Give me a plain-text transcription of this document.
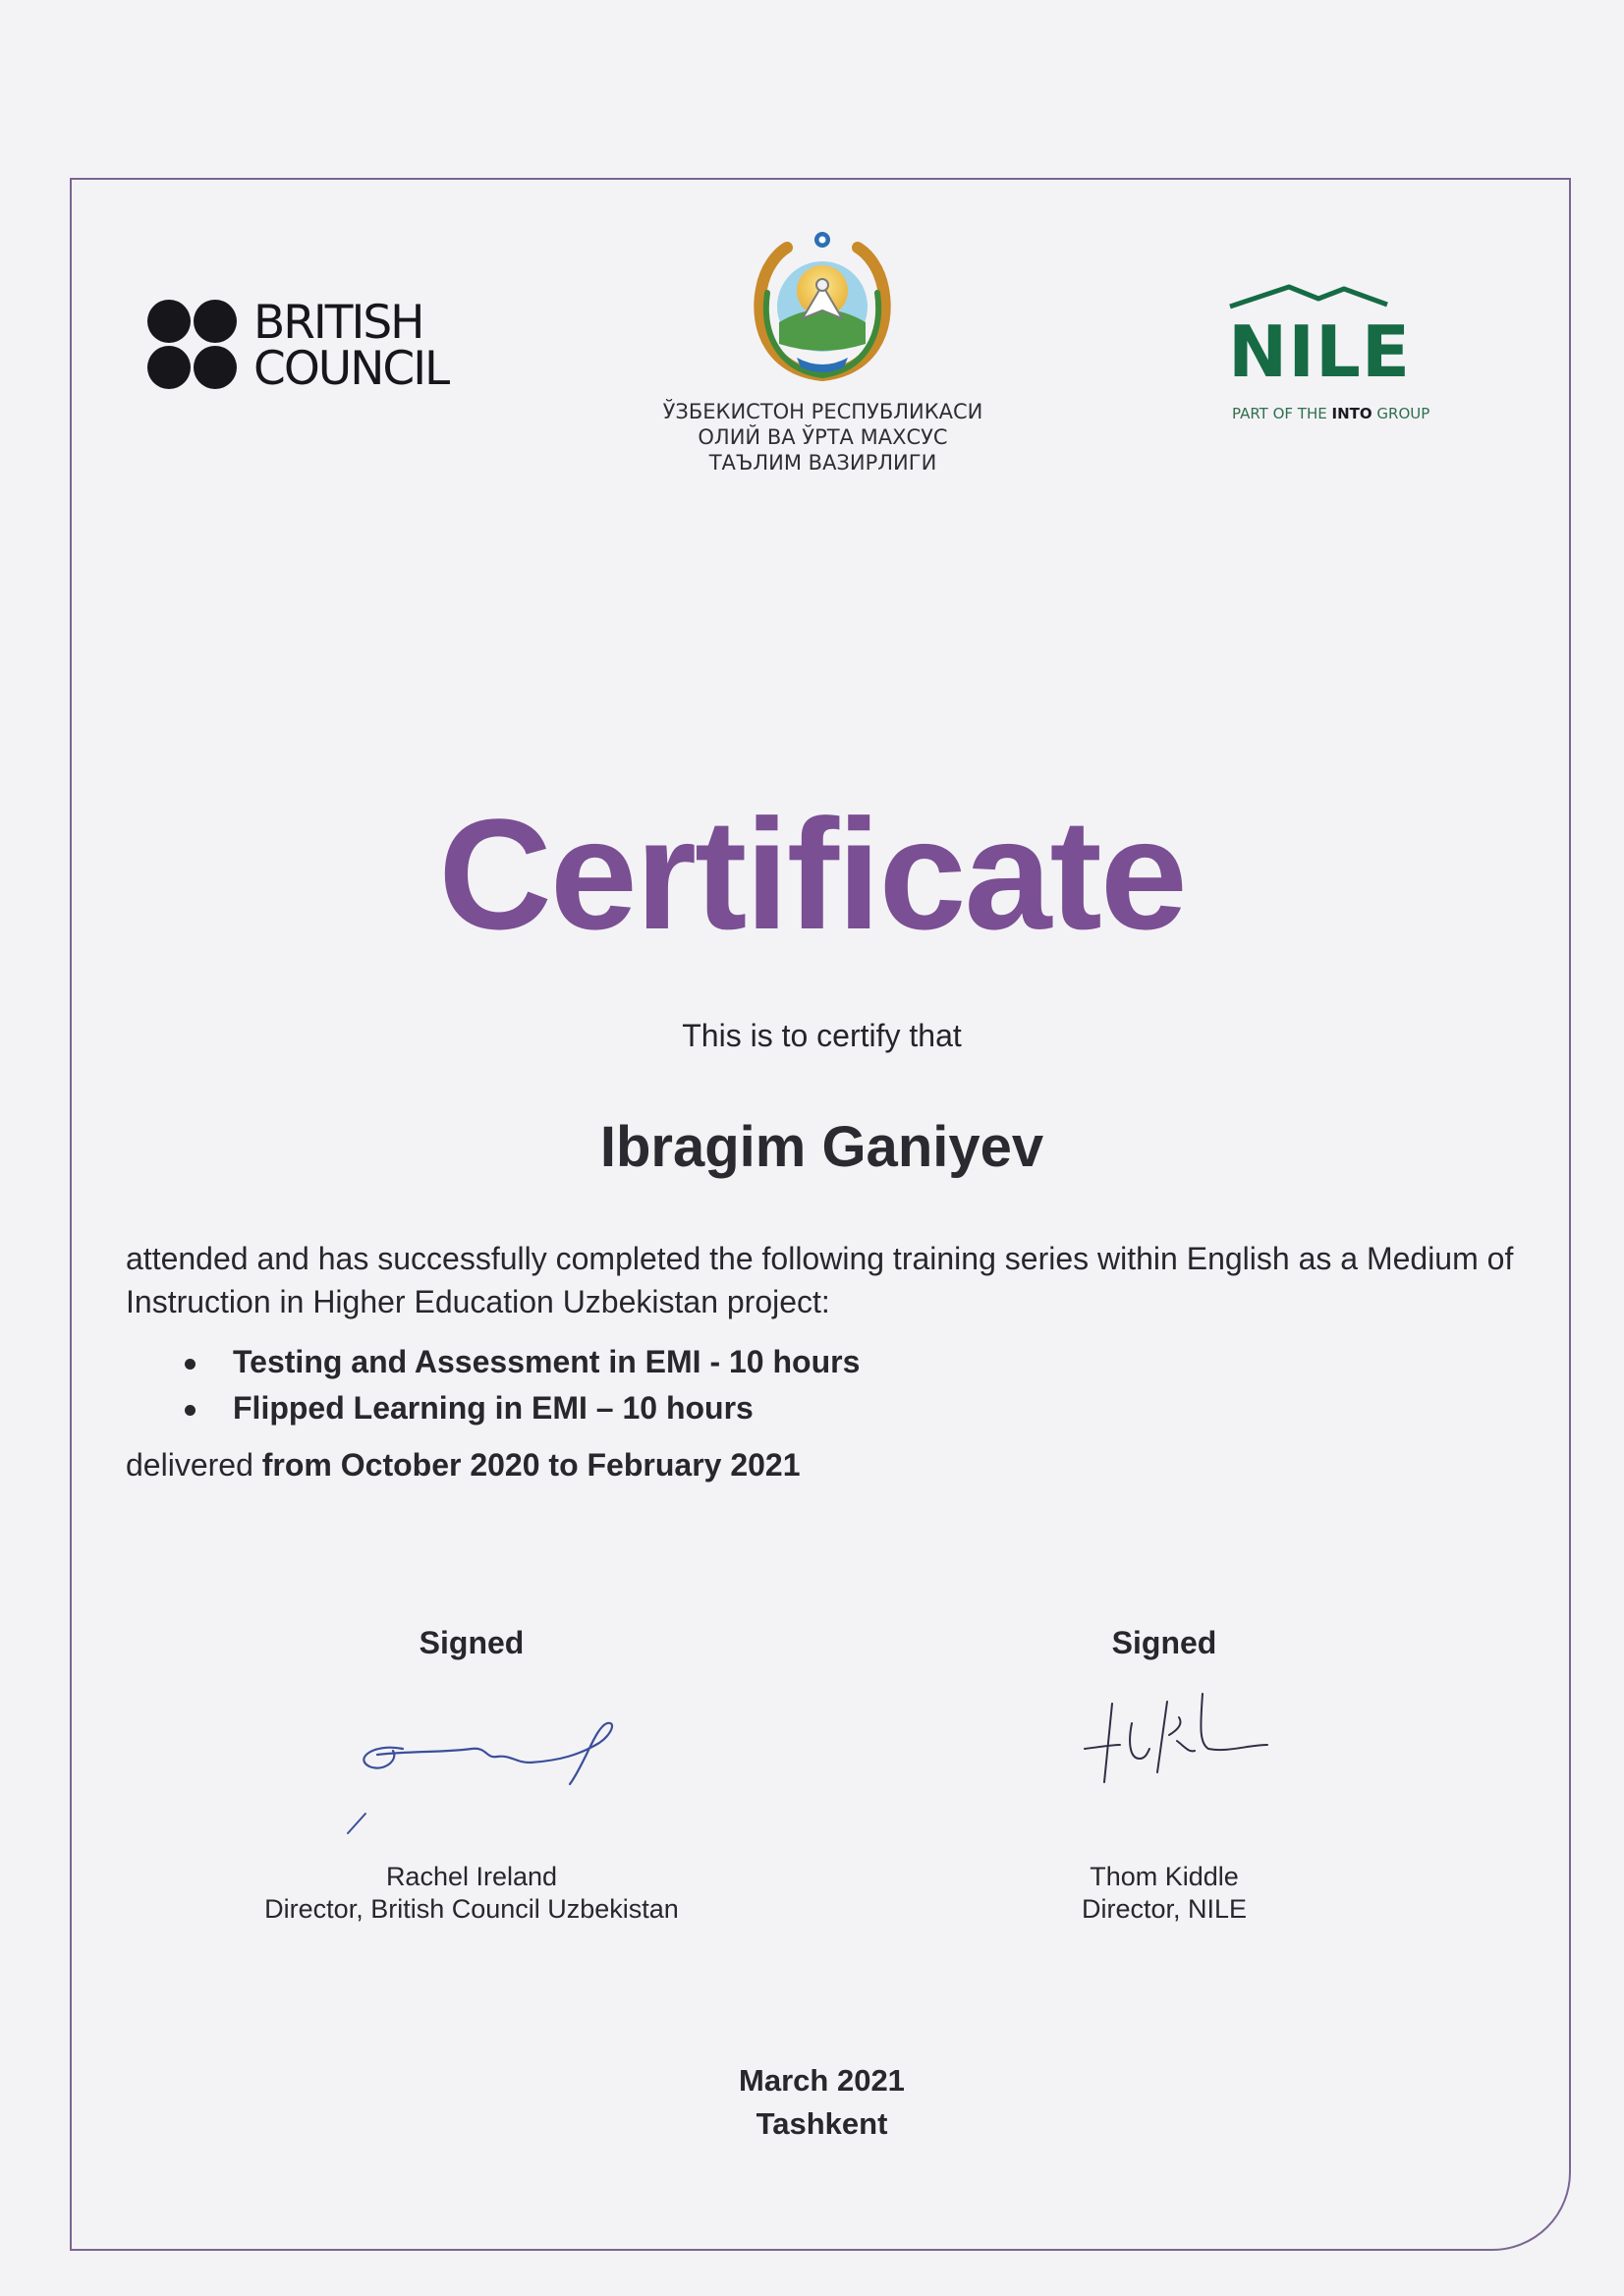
BRITISH
COUNCIL
ЎЗБЕКИСТОН РЕСПУБЛИКАСИ
ОЛИЙ ВА ЎРТА МАХСУС
ТАЪЛИМ ВАЗИРЛИГИ
NILE
PART OF THE INTO GROUP
Certificate
This is to certify that
Ibragim Ganiyev
attended and has successfully completed the following training series within English as a Medium of Instruction in Higher Education Uzbekistan project:
Testing and Assessment in EMI - 10 hours
Flipped Learning in EMI – 10 hours
delivered from October 2020 to February 2021
Signed
Rachel Ireland
Director, British Council Uzbekistan
Signed
Thom Kiddle
Director, NILE
March 2021
Tashkent
